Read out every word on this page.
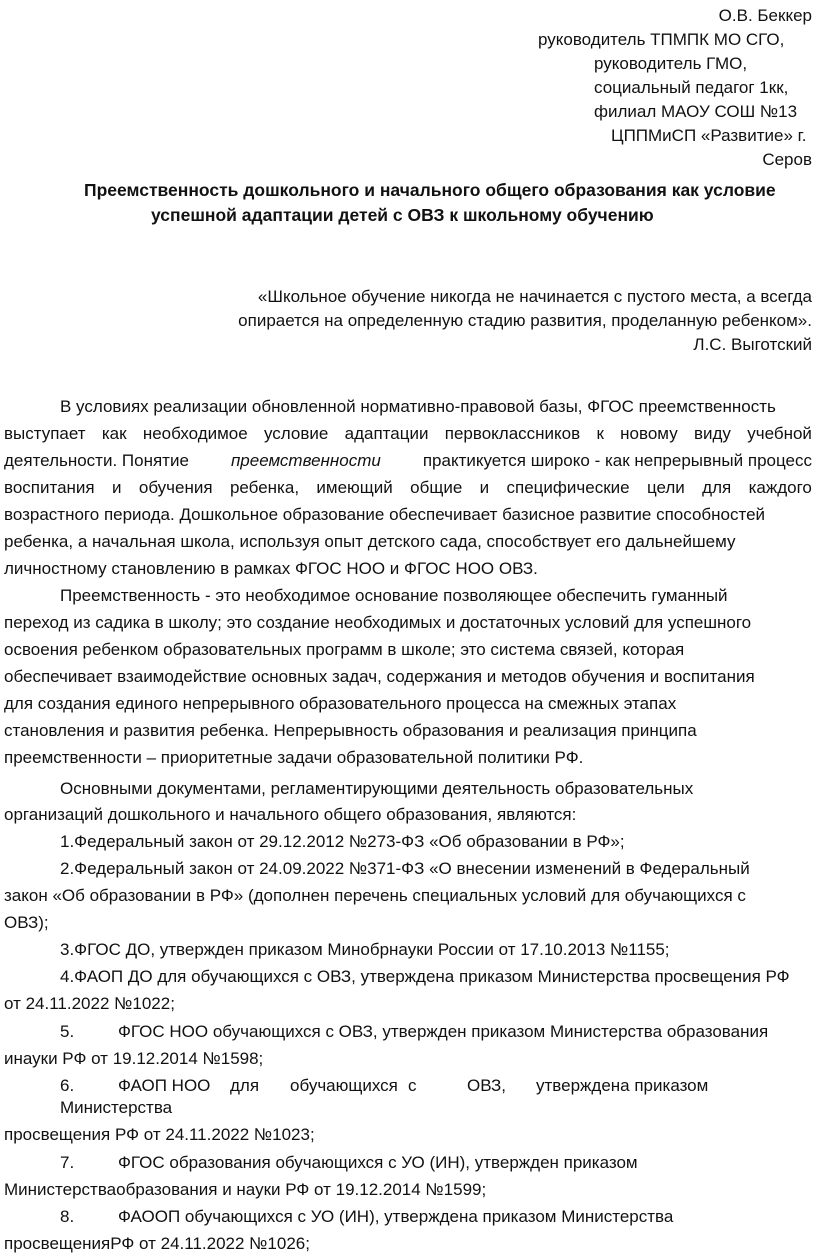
О.В. Беккер
руководитель ТПМПК МО СГО,
руководитель ГМО,
социальный педагог 1кк,
филиал МАОУ СОШ №13
ЦППМиСП «Развитие» г.
Серов
Преемственность дошкольного и начального общего образования как условие
успешной адаптации детей с ОВЗ к школьному обучению
«Школьное обучение никогда не начинается с пустого места, а всегда
опирается на определенную стадию развития, проделанную ребенком».
Л.С. Выготский
В условиях реализации обновленной нормативно-правовой базы, ФГОС преемственность
выступает как необходимое условие адаптации первоклассников к новому виду учебной
деятельности. Понятие преемственности практикуется широко - как непрерывный процесс
воспитания и обучения ребенка, имеющий общие и специфические цели для каждого
возрастного периода. Дошкольное образование обеспечивает базисное развитие способностей
ребенка, а начальная школа, используя опыт детского сада, способствует его дальнейшему
личностному становлению в рамках ФГОС НОО и ФГОС НОО ОВЗ.
Преемственность - это необходимое основание позволяющее обеспечить гуманный
переход из садика в школу; это создание необходимых и достаточных условий для успешного
освоения ребенком образовательных программ в школе; это система связей, которая
обеспечивает взаимодействие основных задач, содержания и методов обучения и воспитания
для создания единого непрерывного образовательного процесса на смежных этапах
становления и развития ребенка. Непрерывность образования и реализация принципа
преемственности – приоритетные задачи образовательной политики РФ.
Основными документами, регламентирующими деятельность образовательных
организаций дошкольного и начального общего образования, являются:
1.Федеральный закон от 29.12.2012 №273-ФЗ «Об образовании в РФ»;
2.Федеральный закон от 24.09.2022 №371-ФЗ «О внесении изменений в Федеральный
закон «Об образовании в РФ» (дополнен перечень специальных условий для обучающихся с
ОВЗ);
3.ФГОС ДО, утвержден приказом Минобрнауки России от 17.10.2013 №1155;
4.ФАОП ДО для обучающихся с ОВЗ, утверждена приказом Министерства просвещения РФ
от 24.11.2022 №1022;
5.	ФГОС НОО обучающихся с ОВЗ, утвержден приказом Министерства образования
инауки РФ от 19.12.2014 №1598;
6.	ФАОП НОО для обучающихся с	ОВЗ, утверждена приказом
Министерства
просвещения РФ от 24.11.2022 №1023;
7.	ФГОС образования обучающихся с УО (ИН), утвержден приказом
Министерстваобразования и науки РФ от 19.12.2014 №1599;
8.	ФАООП обучающихся с УО (ИН), утверждена приказом Министерства
просвещенияРФ от 24.11.2022 №1026;
